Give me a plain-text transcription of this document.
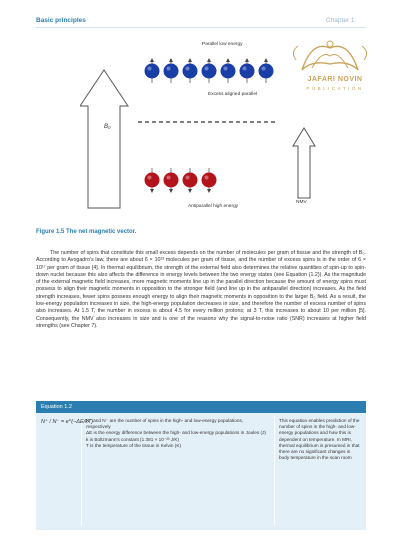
Basic principles	Chapter 1
JAFARI NOVIN
PUBLICATION
Parallel low energy
Excess aligned parallel
B₀
NMV
Antiparallel high energy
Figure 1.5 The net magnetic vector.

The number of spins that constitute this small excess depends on the number of molecules per gram of tissue and the strength of B₀. According to Avogadro's law, there are about 6 × 10²³ molecules per gram of tissue, and the number of excess spins is in the order of 6 × 10¹⁷ per gram of tissue [4]. In thermal equilibrium, the strength of the external field also determines the relative quantities of spin-up to spin-down nuclei because this also affects the difference in energy levels between the two energy states (see Equation (1.2)). As the magnitude of the external magnetic field increases, more magnetic moments line up in the parallel direction because the amount of energy spins must possess to align their magnetic moments in opposition to the stronger field (and line up in the antiparallel direction) increases. As the field strength increases, fewer spins possess enough energy to align their magnetic moments in opposition to the larger B₀ field. As a result, the low-energy population increases in size, the high-energy population decreases in size, and therefore the number of excess number of spins also increases. At 1.5 T, the number in excess is about 4.5 for every million protons; at 3 T, this increases to about 10 per million [5]. Consequently, the NMV also increases in size and is one of the reasons why the signal-to-noise ratio (SNR) increases at higher field strengths (see Chapter 7).

Equation 1.2
N⁺ / N⁻ = e^(−ΔE/kT)
N⁺ and N⁻ are the number of spins in the high- and low-energy populations, respectively
ΔE is the energy difference between the high- and low-energy populations in Joules (J)
k is Boltzmann's constant (1.381 × 10⁻²³ J/K)
T is the temperature of the tissue in Kelvin (K)
This equation enables prediction of the number of spins in the high- and low-energy populations and how this is dependent on temperature. In MRI, thermal equilibrium is presumed in that there are no significant changes in body temperature in the scan room
